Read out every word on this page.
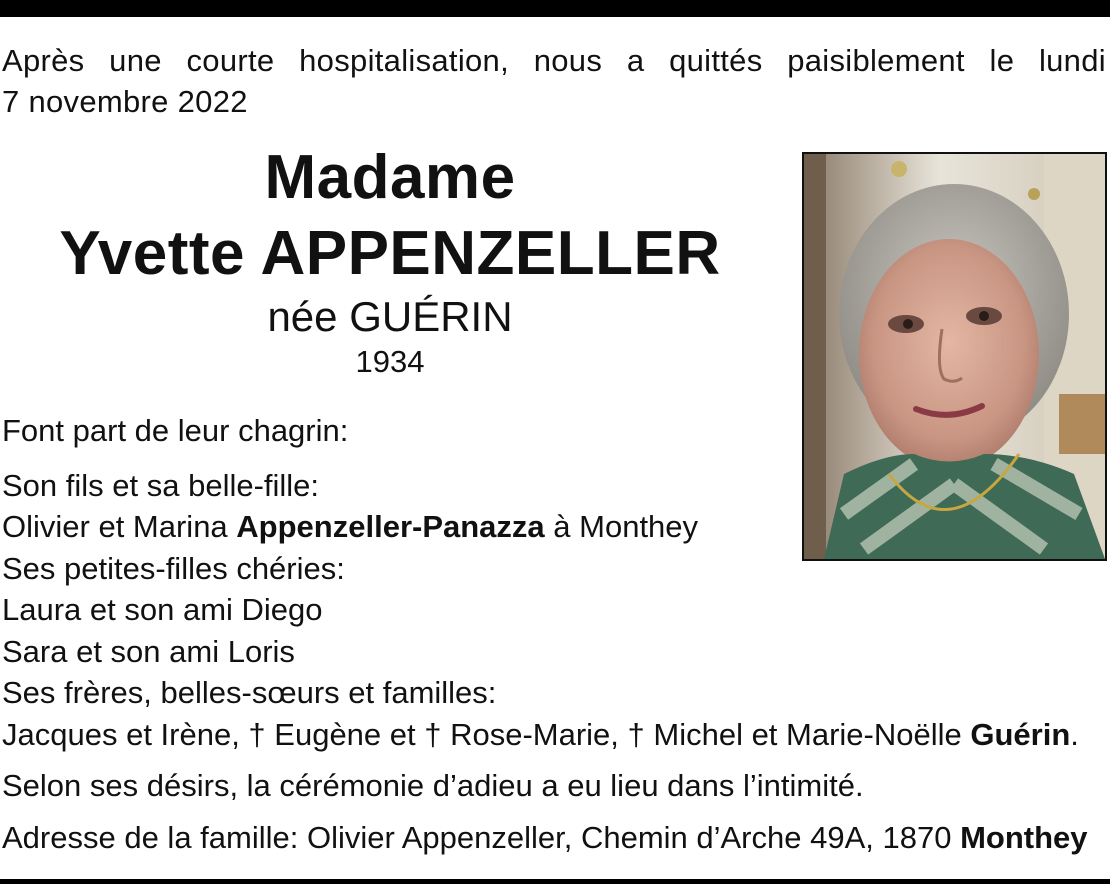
Après une courte hospitalisation, nous a quittés paisiblement le lundi
7 novembre 2022
Madame
Yvette APPENZELLER
née GUÉRIN
1934
Font part de leur chagrin:
Son fils et sa belle-fille:
Olivier et Marina Appenzeller-Panazza à Monthey
Ses petites-filles chéries:
Laura et son ami Diego
Sara et son ami Loris
Ses frères, belles-sœurs et familles:
Jacques et Irène, † Eugène et † Rose-Marie, † Michel et Marie-Noëlle Guérin.
Selon ses désirs, la cérémonie d’adieu a eu lieu dans l’intimité.
Adresse de la famille: Olivier Appenzeller, Chemin d’Arche 49A, 1870 Monthey
